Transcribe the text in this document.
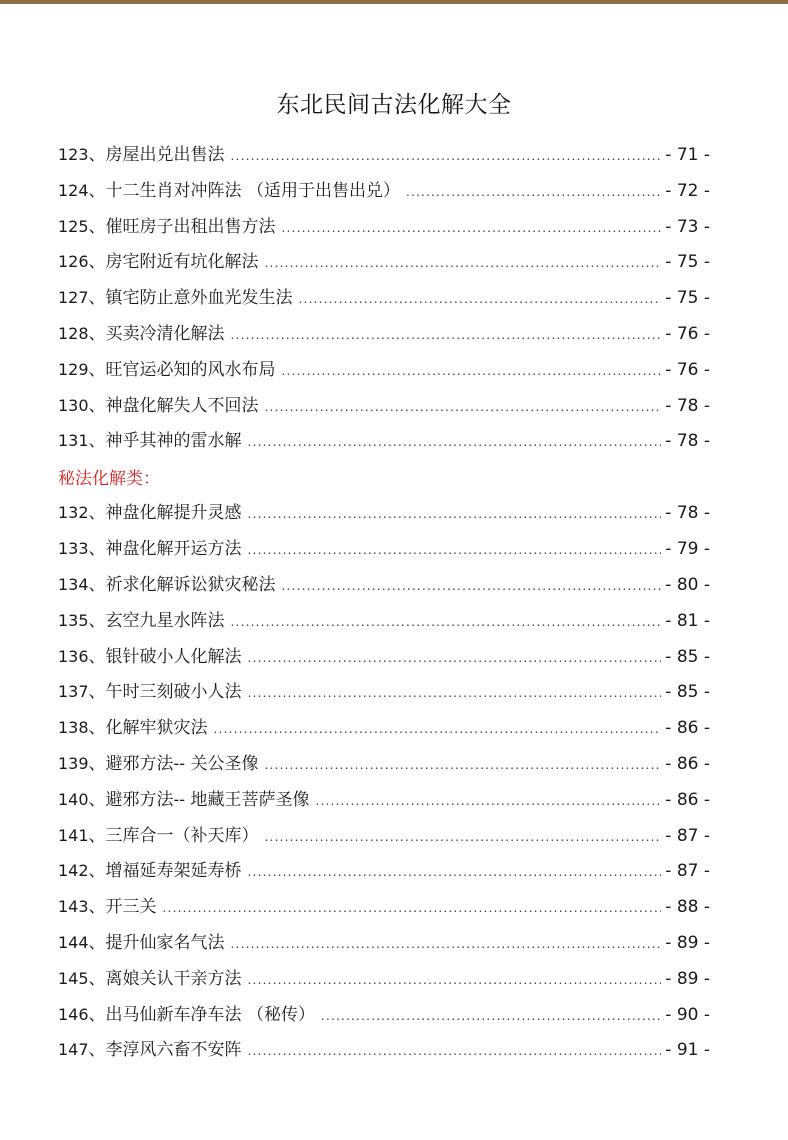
东北民间古法化解大全
123 、房屋出兑出售法 .....	- 71 -
124 、十二生肖对冲阵法 （适用于出售出兑） .....	- 72 -
125 、催旺房子出租出售方法 .....	- 73 -
126 、房宅附近有坑化解法 .....	- 75 -
127 、镇宅防止意外血光发生法 .....	- 75 -
128 、买卖冷清化解法 .....	- 76 -
129 、旺官运必知的风水布局 .....	- 76 -
130 、神盘化解失人不回法 .....	- 78 -
131 、神乎其神的雷水解 .....	- 78 -
秘法化解类：
132 、神盘化解提升灵感 .....	- 78 -
133 、神盘化解开运方法 .....	- 79 -
134 、祈求化解诉讼狱灾秘法 .....	- 80 -
135 、玄空九星水阵法 .....	- 81 -
136 、银针破小人化解法 .....	- 85 -
137 、午时三刻破小人法 .....	- 85 -
138 、化解牢狱灾法 .....	- 86 -
139 、避邪方法-- 关公圣像 .....	- 86 -
140 、避邪方法-- 地藏王菩萨圣像 .....	- 86 -
141 、三库合一（补天库） .....	- 87 -
142 、增福延寿架延寿桥 .....	- 87 -
143 、开三关 .....	- 88 -
144 、提升仙家名气法 .....	- 89 -
145 、离娘关认干亲方法 .....	- 89 -
146 、出马仙新车净车法 （秘传） .....	- 90 -
147 、李淳风六畜不安阵 .....	- 91 -
